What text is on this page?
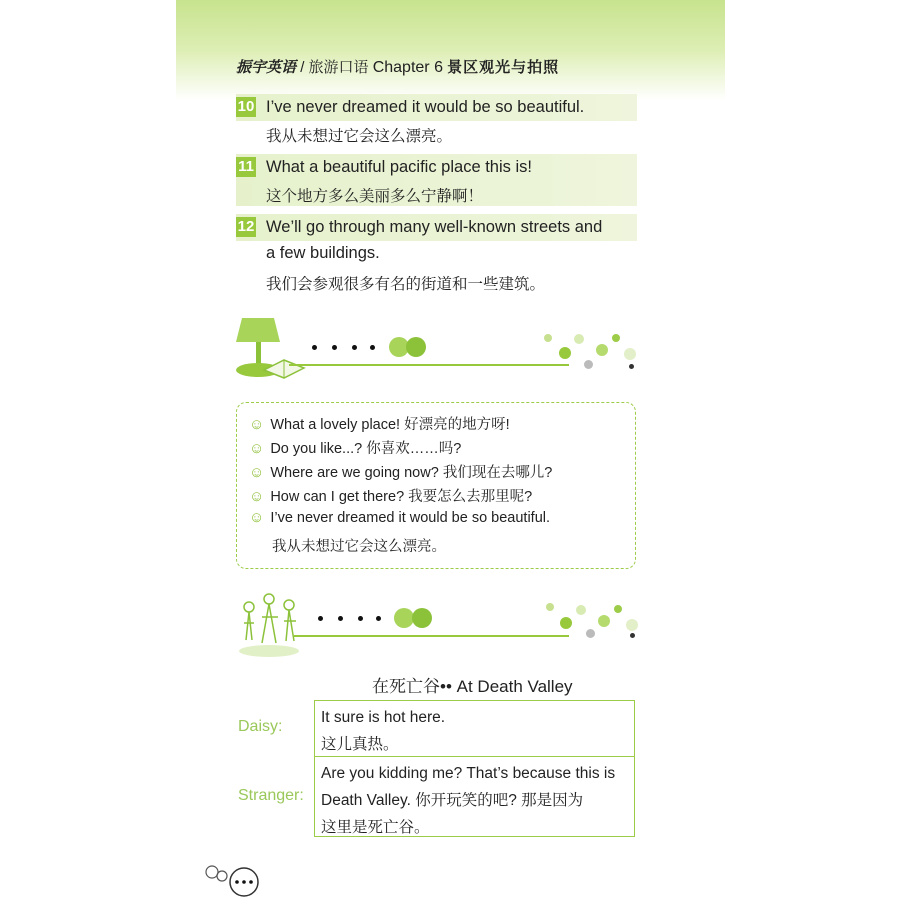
振宇英语 / 旅游口语 Chapter 6 景区观光与拍照
10 I’ve never dreamed it would be so beautiful.
我从未想过它会这么漂亮。
11 What a beautiful pacific place this is!
这个地方多么美丽多么宁静啊！
12 We’ll go through many well-known streets and
a few buildings.
我们会参观很多有名的街道和一些建筑。
☺ What a lovely place! 好漂亮的地方呀!
☺ Do you like...? 你喜欢……吗?
☺ Where are we going now? 我们现在去哪儿?
☺ How can I get there? 我要怎么去那里呢?
☺ I’ve never dreamed it would be so beautiful.
我从未想过它会这么漂亮。
在死亡谷•• At Death Valley
Daisy:
It sure is hot here.
这儿真热。
Stranger:
Are you kidding me? That’s because this is
Death Valley. 你开玩笑的吧? 那是因为
这里是死亡谷。
